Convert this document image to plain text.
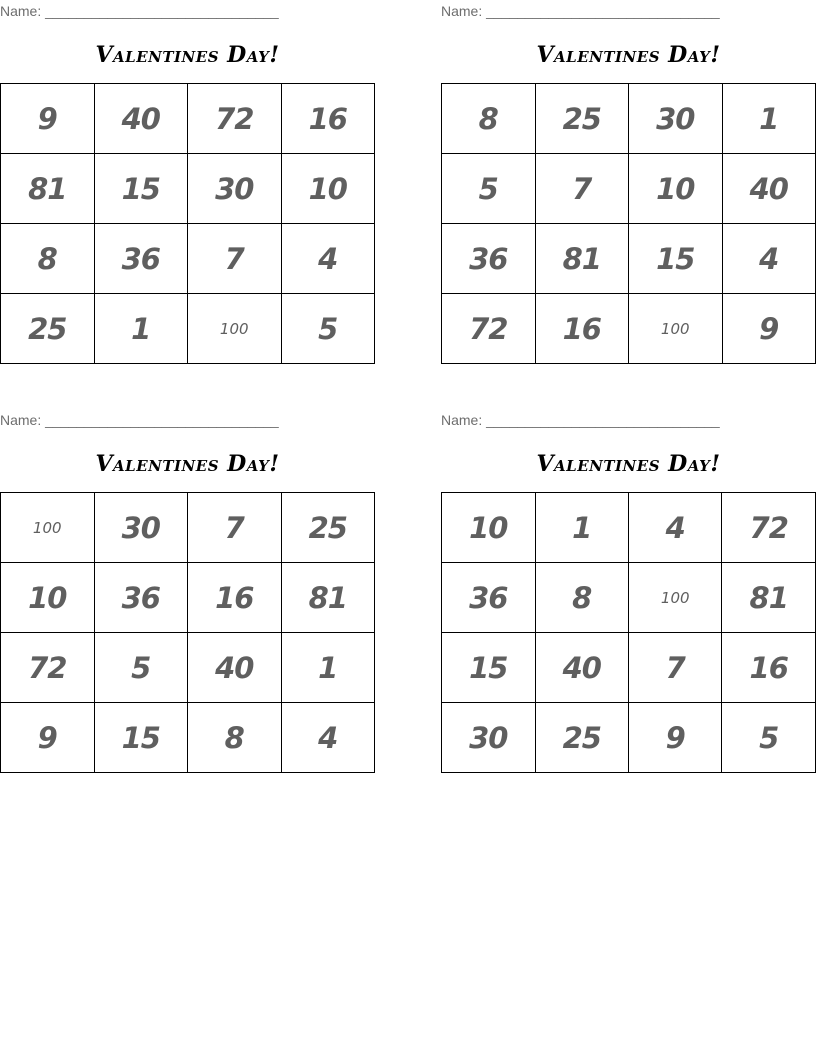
Name: ______________________________
Valentines Day!
9	40	72	16
81	15	30	10
8	36	7	4
25	1	100	5
Name: ______________________________
Valentines Day!
8	25	30	1
5	7	10	40
36	81	15	4
72	16	100	9
Name: ______________________________
Valentines Day!
100	30	7	25
10	36	16	81
72	5	40	1
9	15	8	4
Name: ______________________________
Valentines Day!
10	1	4	72
36	8	100	81
15	40	7	16
30	25	9	5
